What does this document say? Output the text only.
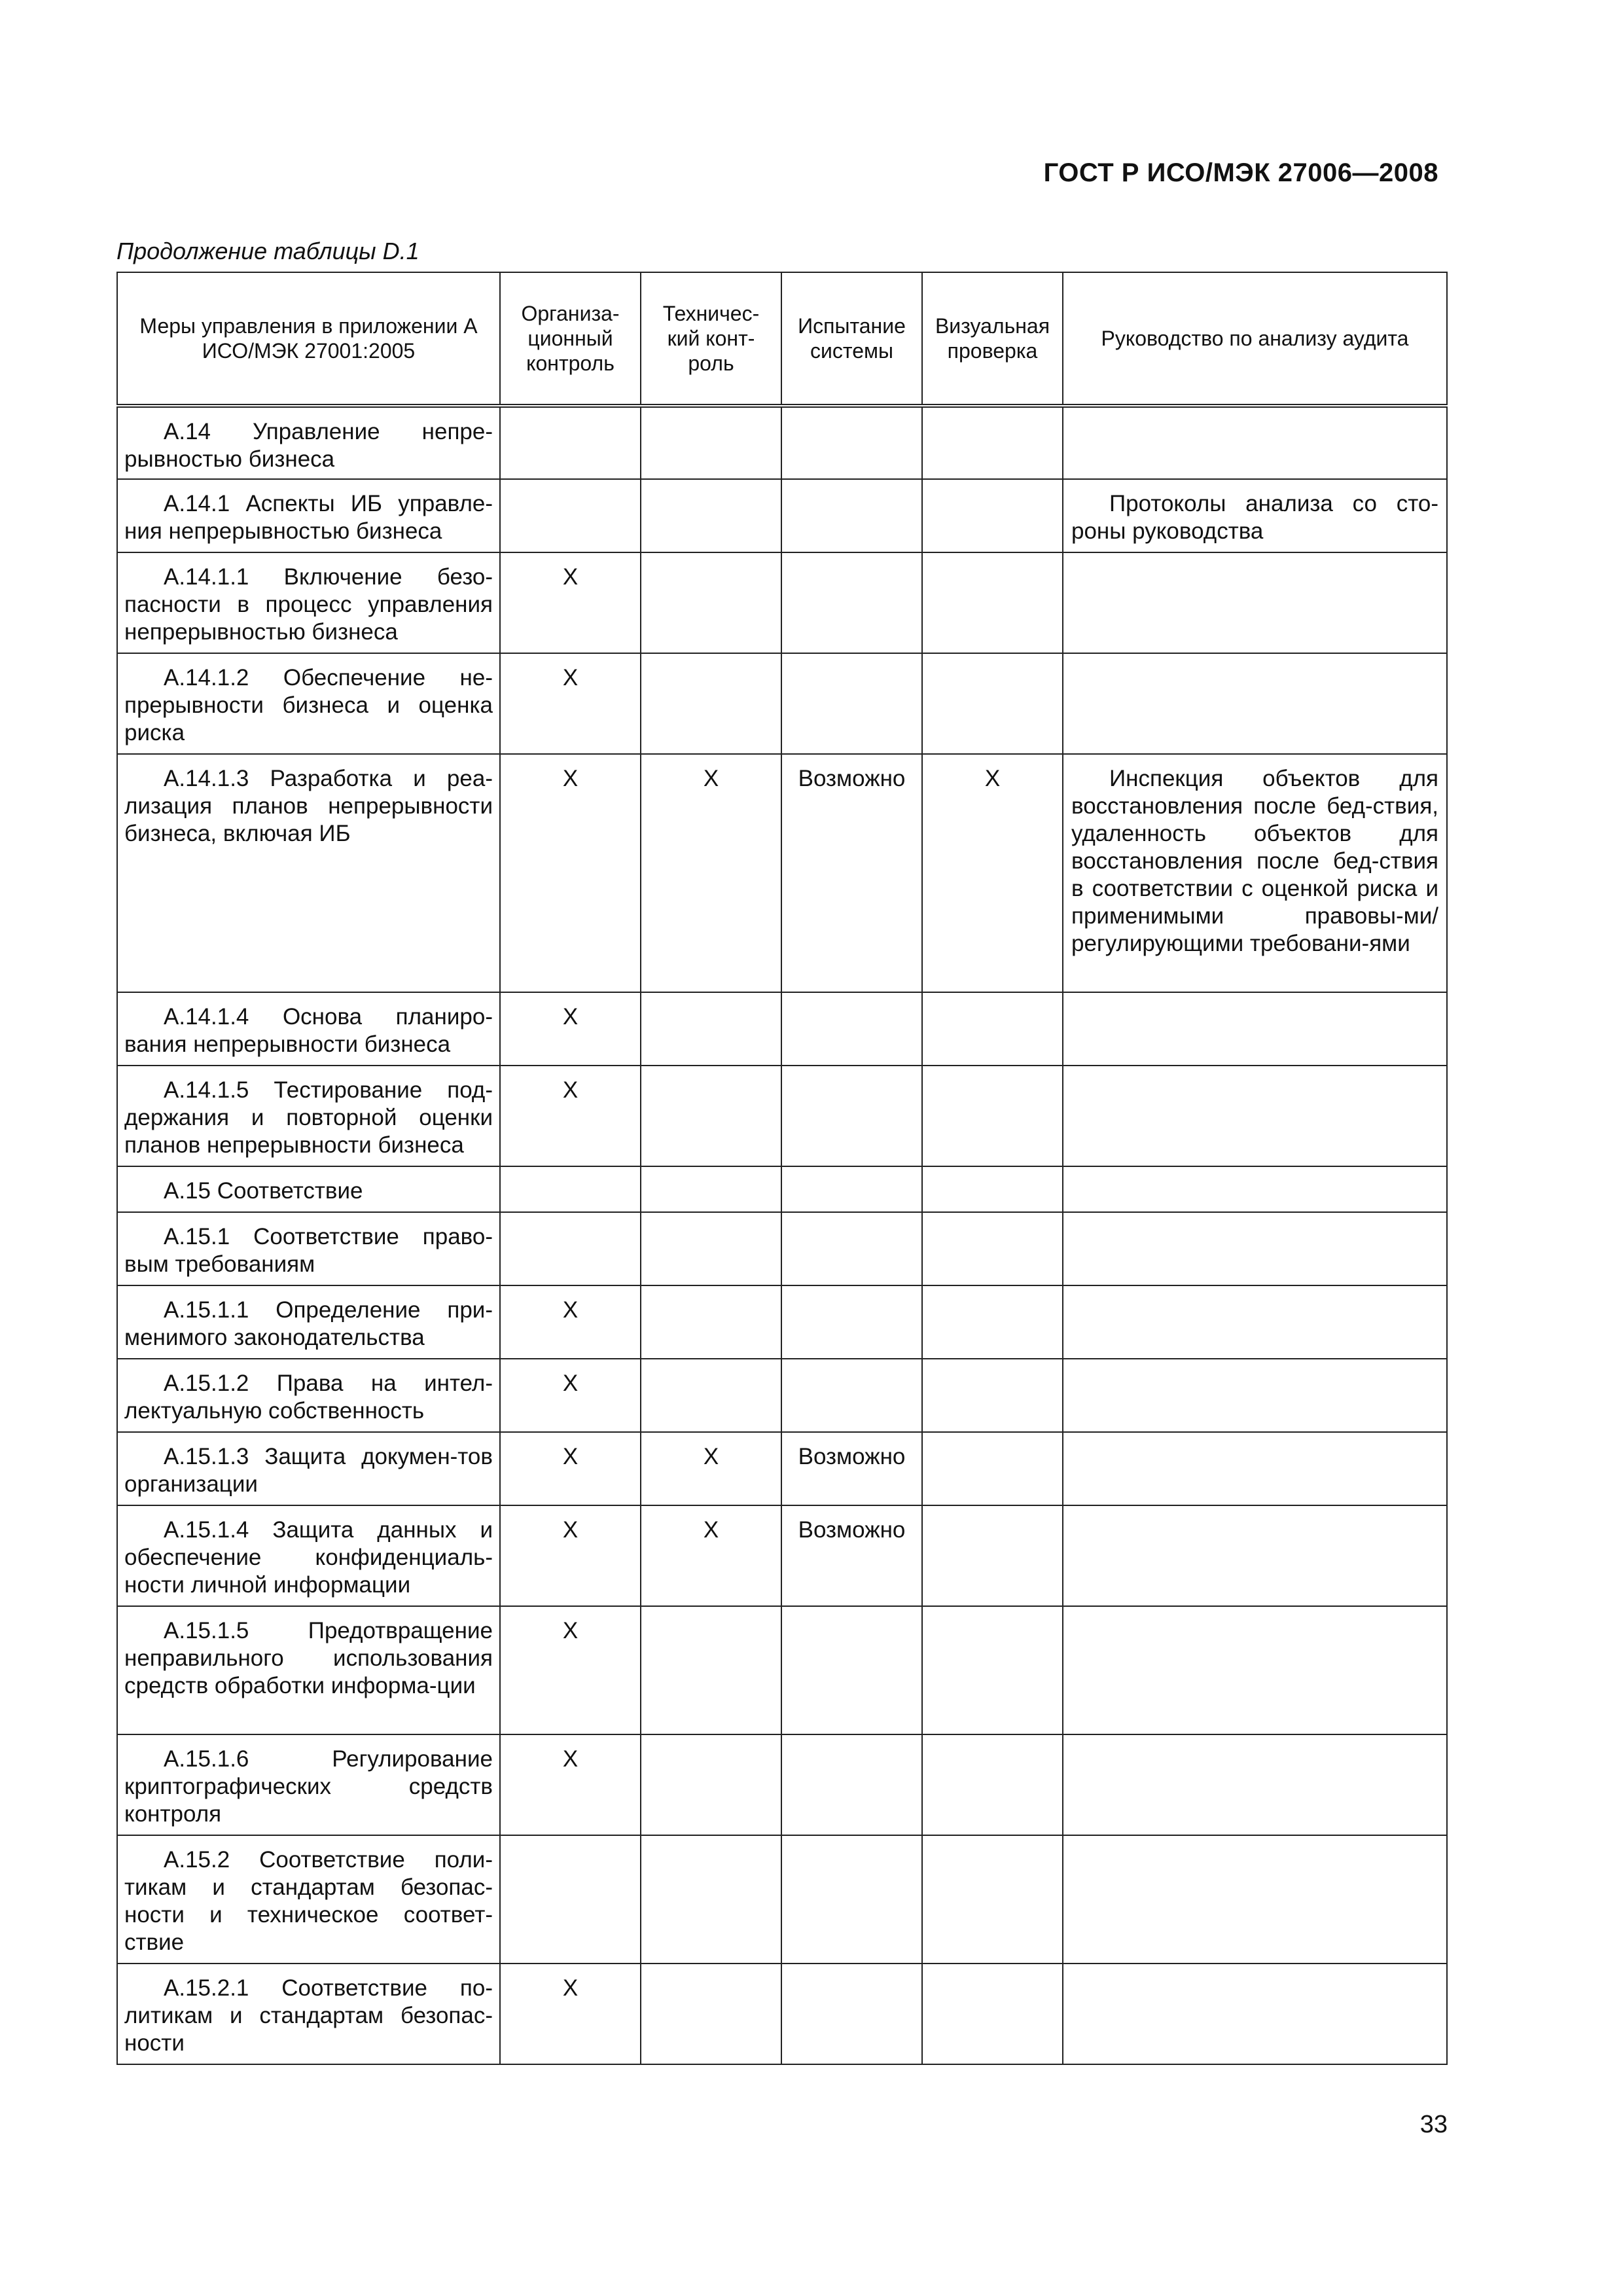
ГОСТ Р ИСО/МЭК 27006—2008
Продолжение таблицы D.1
Меры управления в приложении А ИСО/МЭК 27001:2005	Организа-ционный контроль	Техничес-кий конт-роль	Испытание системы	Визуальная проверка	Руководство по анализу аудита
А.14 Управление непре-рывностью бизнеса					
А.14.1 Аспекты ИБ управле-ния непрерывностью бизнеса					Протоколы анализа со сто-роны руководства
А.14.1.1 Включение безо-пасности в процесс управления непрерывностью бизнеса	X				
А.14.1.2 Обеспечение не-прерывности бизнеса и оценка риска	X				
А.14.1.3 Разработка и реа-лизация планов непрерывности бизнеса, включая ИБ	X	X	Возможно	X	Инспекция объектов для восстановления после бед-ствия, удаленность объектов для восстановления после бед-ствия в соответствии с оценкой риска и применимыми правовы-ми/регулирующими требовани-ями
А.14.1.4 Основа планиро-вания непрерывности бизнеса	X				
А.14.1.5 Тестирование под-держания и повторной оценки планов непрерывности бизнеса	X				
А.15 Соответствие					
А.15.1 Соответствие право-вым требованиям					
А.15.1.1 Определение при-менимого законодательства	X				
А.15.1.2 Права на интел-лектуальную собственность	X				
А.15.1.3 Защита докумен-тов организации	X	X	Возможно		
А.15.1.4 Защита данных и обеспечение конфиденциаль-ности личной информации	X	X	Возможно		
А.15.1.5 Предотвращение неправильного использования средств обработки информа-ции	X				
А.15.1.6 Регулирование криптографических средств контроля	X				
А.15.2 Соответствие поли-тикам и стандартам безопас-ности и техническое соответ-ствие					
А.15.2.1 Соответствие по-литикам и стандартам безопас-ности	X				
33
